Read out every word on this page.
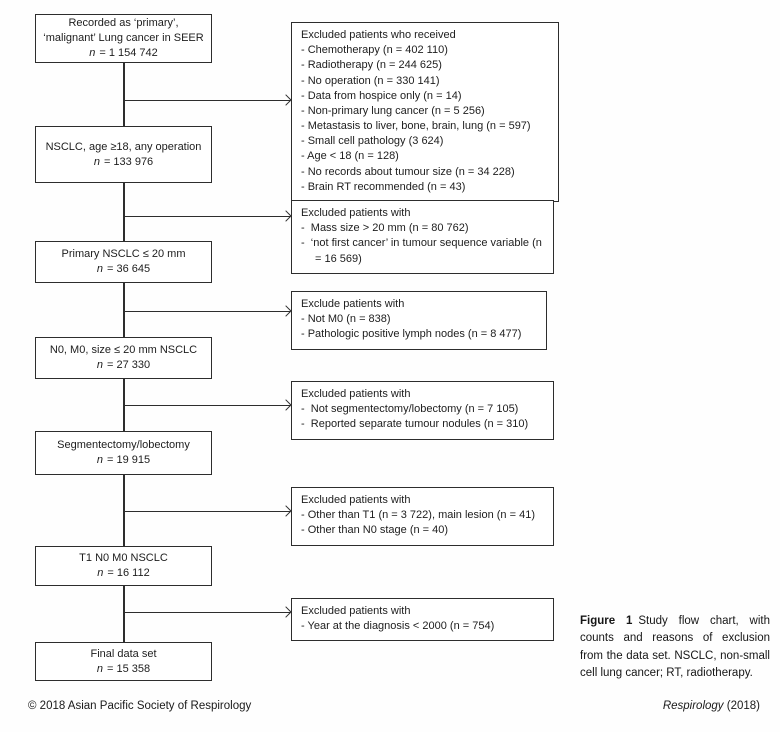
Recorded as ‘primary’,
‘malignant’ Lung cancer in SEER
n = 1 154 742
NSCLC, age ≥18, any operation
n = 133 976
Primary NSCLC ≤ 20 mm
n = 36 645
N0, M0, size ≤ 20 mm NSCLC
n = 27 330
Segmentectomy/lobectomy
n = 19 915
T1 N0 M0 NSCLC
n = 16 112
Final data set
n = 15 358
Excluded patients who received
- Chemotherapy (n = 402 110)
- Radiotherapy (n = 244 625)
- No operation (n = 330 141)
- Data from hospice only (n = 14)
- Non-primary lung cancer (n = 5 256)
- Metastasis to liver, bone, brain, lung (n = 597)
- Small cell pathology (3 624)
- Age < 18 (n = 128)
- No records about tumour size (n = 34 228)
- Brain RT recommended (n = 43)
Excluded patients with
-  Mass size > 20 mm (n = 80 762)
-  ‘not first cancer’ in tumour sequence variable (n = 16 569)
Exclude patients with
- Not M0 (n = 838)
- Pathologic positive lymph nodes (n = 8 477)
Excluded patients with
-  Not segmentectomy/lobectomy (n = 7 105)
-  Reported separate tumour nodules (n = 310)
Excluded patients with
- Other than T1 (n = 3 722), main lesion (n = 41)
- Other than N0 stage (n = 40)
Excluded patients with
- Year at the diagnosis < 2000 (n = 754)	Figure 1 Study flow chart, with counts and reasons of exclusion from the data set. NSCLC, non-small cell lung cancer; RT, radiotherapy.
© 2018 Asian Pacific Society of Respirology	Respirology (2018)
